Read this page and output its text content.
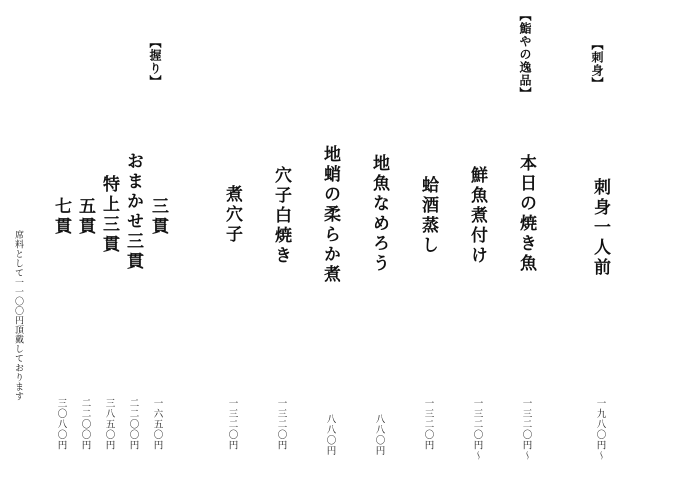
【刺身】
刺身一人前
一九八〇円〜
【鮨やの逸品】
本日の焼き魚
一三二〇円〜
鮮魚煮付け
一三二〇円〜
蛤酒蒸し
一三二〇円
地魚なめろう
八八〇円
地蛸の柔らか煮
八八〇円
穴子白焼き
一三二〇円
煮穴子
一三二〇円
【握り】
三貫
一六五〇円
おまかせ三貫
二二〇〇円
特上三貫
三八五〇円
五貫
二二〇〇円
七貫
三〇八〇円
席料として一一〇〇円頂戴しております
